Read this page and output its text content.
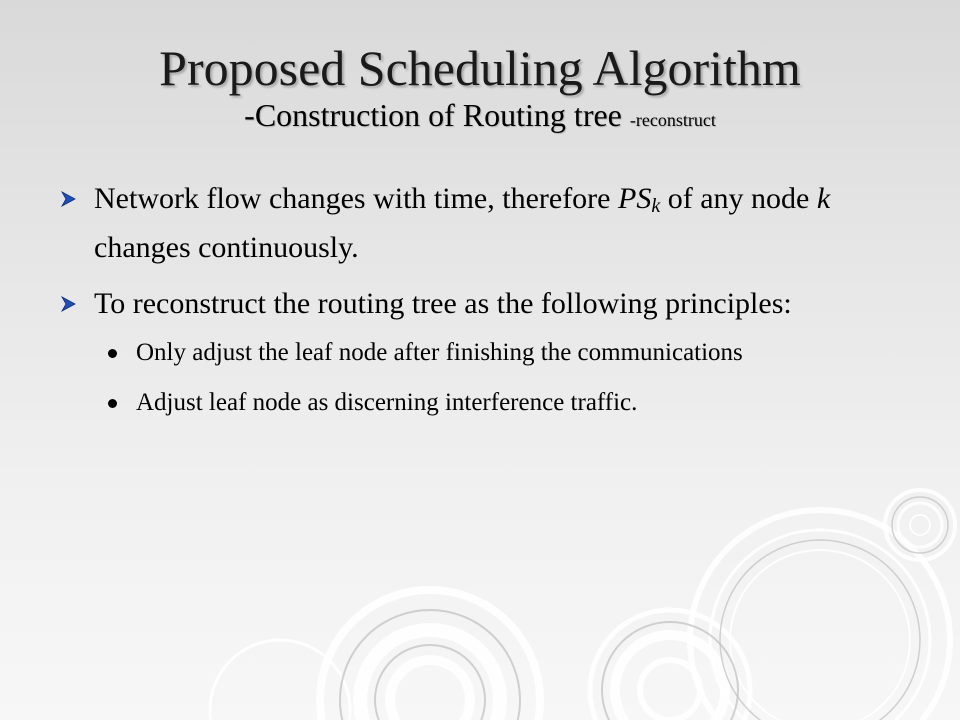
Proposed Scheduling Algorithm
-Construction of Routing tree -reconstruct
Network flow changes with time, therefore $PS_k$ of any node k changes continuously.
To reconstruct the routing tree as the following principles:
Only adjust the leaf node after finishing the communications
Adjust leaf node as discerning interference traffic.
